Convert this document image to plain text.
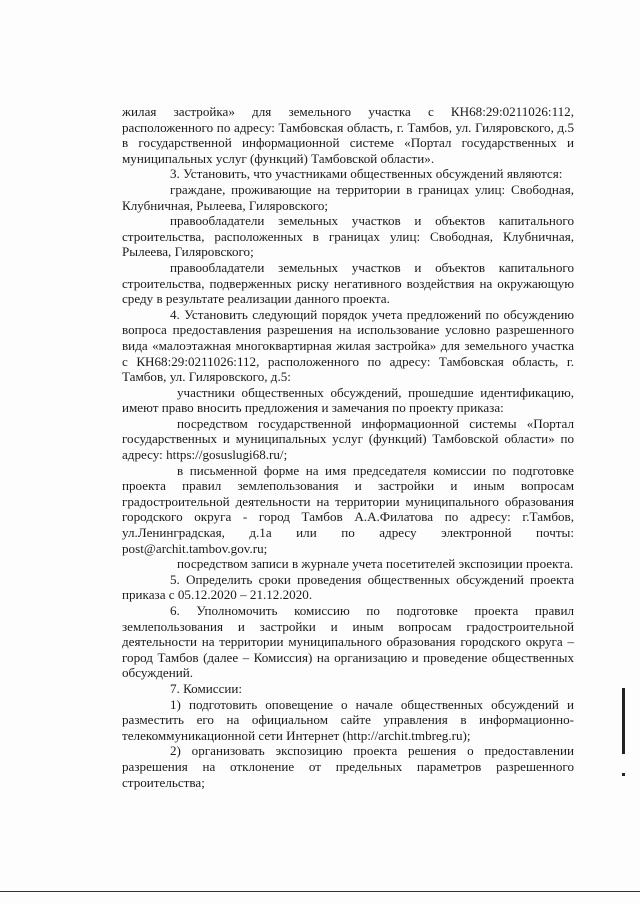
жилая застройка» для земельного участка с КН68:29:0211026:112, расположенного по адресу: Тамбовская область, г. Тамбов, ул. Гиляровского, д.5 в государственной информационной системе «Портал государственных и муниципальных услуг (функций) Тамбовской области».

3. Установить, что участниками общественных обсуждений являются:

граждане, проживающие на территории в границах улиц: Свободная, Клубничная, Рылеева, Гиляровского;

правообладатели земельных участков и объектов капитального строительства, расположенных в границах улиц: Свободная, Клубничная, Рылеева, Гиляровского;

правообладатели земельных участков и объектов капитального строительства, подверженных риску негативного воздействия на окружающую среду в результате реализации данного проекта.

4. Установить следующий порядок учета предложений по обсуждению вопроса предоставления разрешения на использование условно разрешенного вида «малоэтажная многоквартирная жилая застройка» для земельного участка с КН68:29:0211026:112, расположенного по адресу: Тамбовская область, г. Тамбов, ул. Гиляровского, д.5:

участники общественных обсуждений, прошедшие идентификацию, имеют право вносить предложения и замечания по проекту приказа:

посредством государственной информационной системы «Портал государственных и муниципальных услуг (функций) Тамбовской области» по адресу: https://gosuslugi68.ru/;

в письменной форме на имя председателя комиссии по подготовке проекта правил землепользования и застройки и иным вопросам градостроительной деятельности на территории муниципального образования городского округа - город Тамбов А.А.Филатова по адресу: г.Тамбов, ул.Ленинградская, д.1а или по адресу электронной почты: post@archit.tambov.gov.ru;

посредством записи в журнале учета посетителей экспозиции проекта.

5. Определить сроки проведения общественных обсуждений проекта приказа с 05.12.2020 – 21.12.2020.

6. Уполномочить комиссию по подготовке проекта правил землепользования и застройки и иным вопросам градостроительной деятельности на территории муниципального образования городского округа – город Тамбов (далее – Комиссия) на организацию и проведение общественных обсуждений.

7. Комиссии:

1) подготовить оповещение о начале общественных обсуждений и разместить его на официальном сайте управления в информационно-телекоммуникационной сети Интернет (http://archit.tmbreg.ru);

2) организовать экспозицию проекта решения о предоставлении разрешения на отклонение от предельных параметров разрешенного строительства;
